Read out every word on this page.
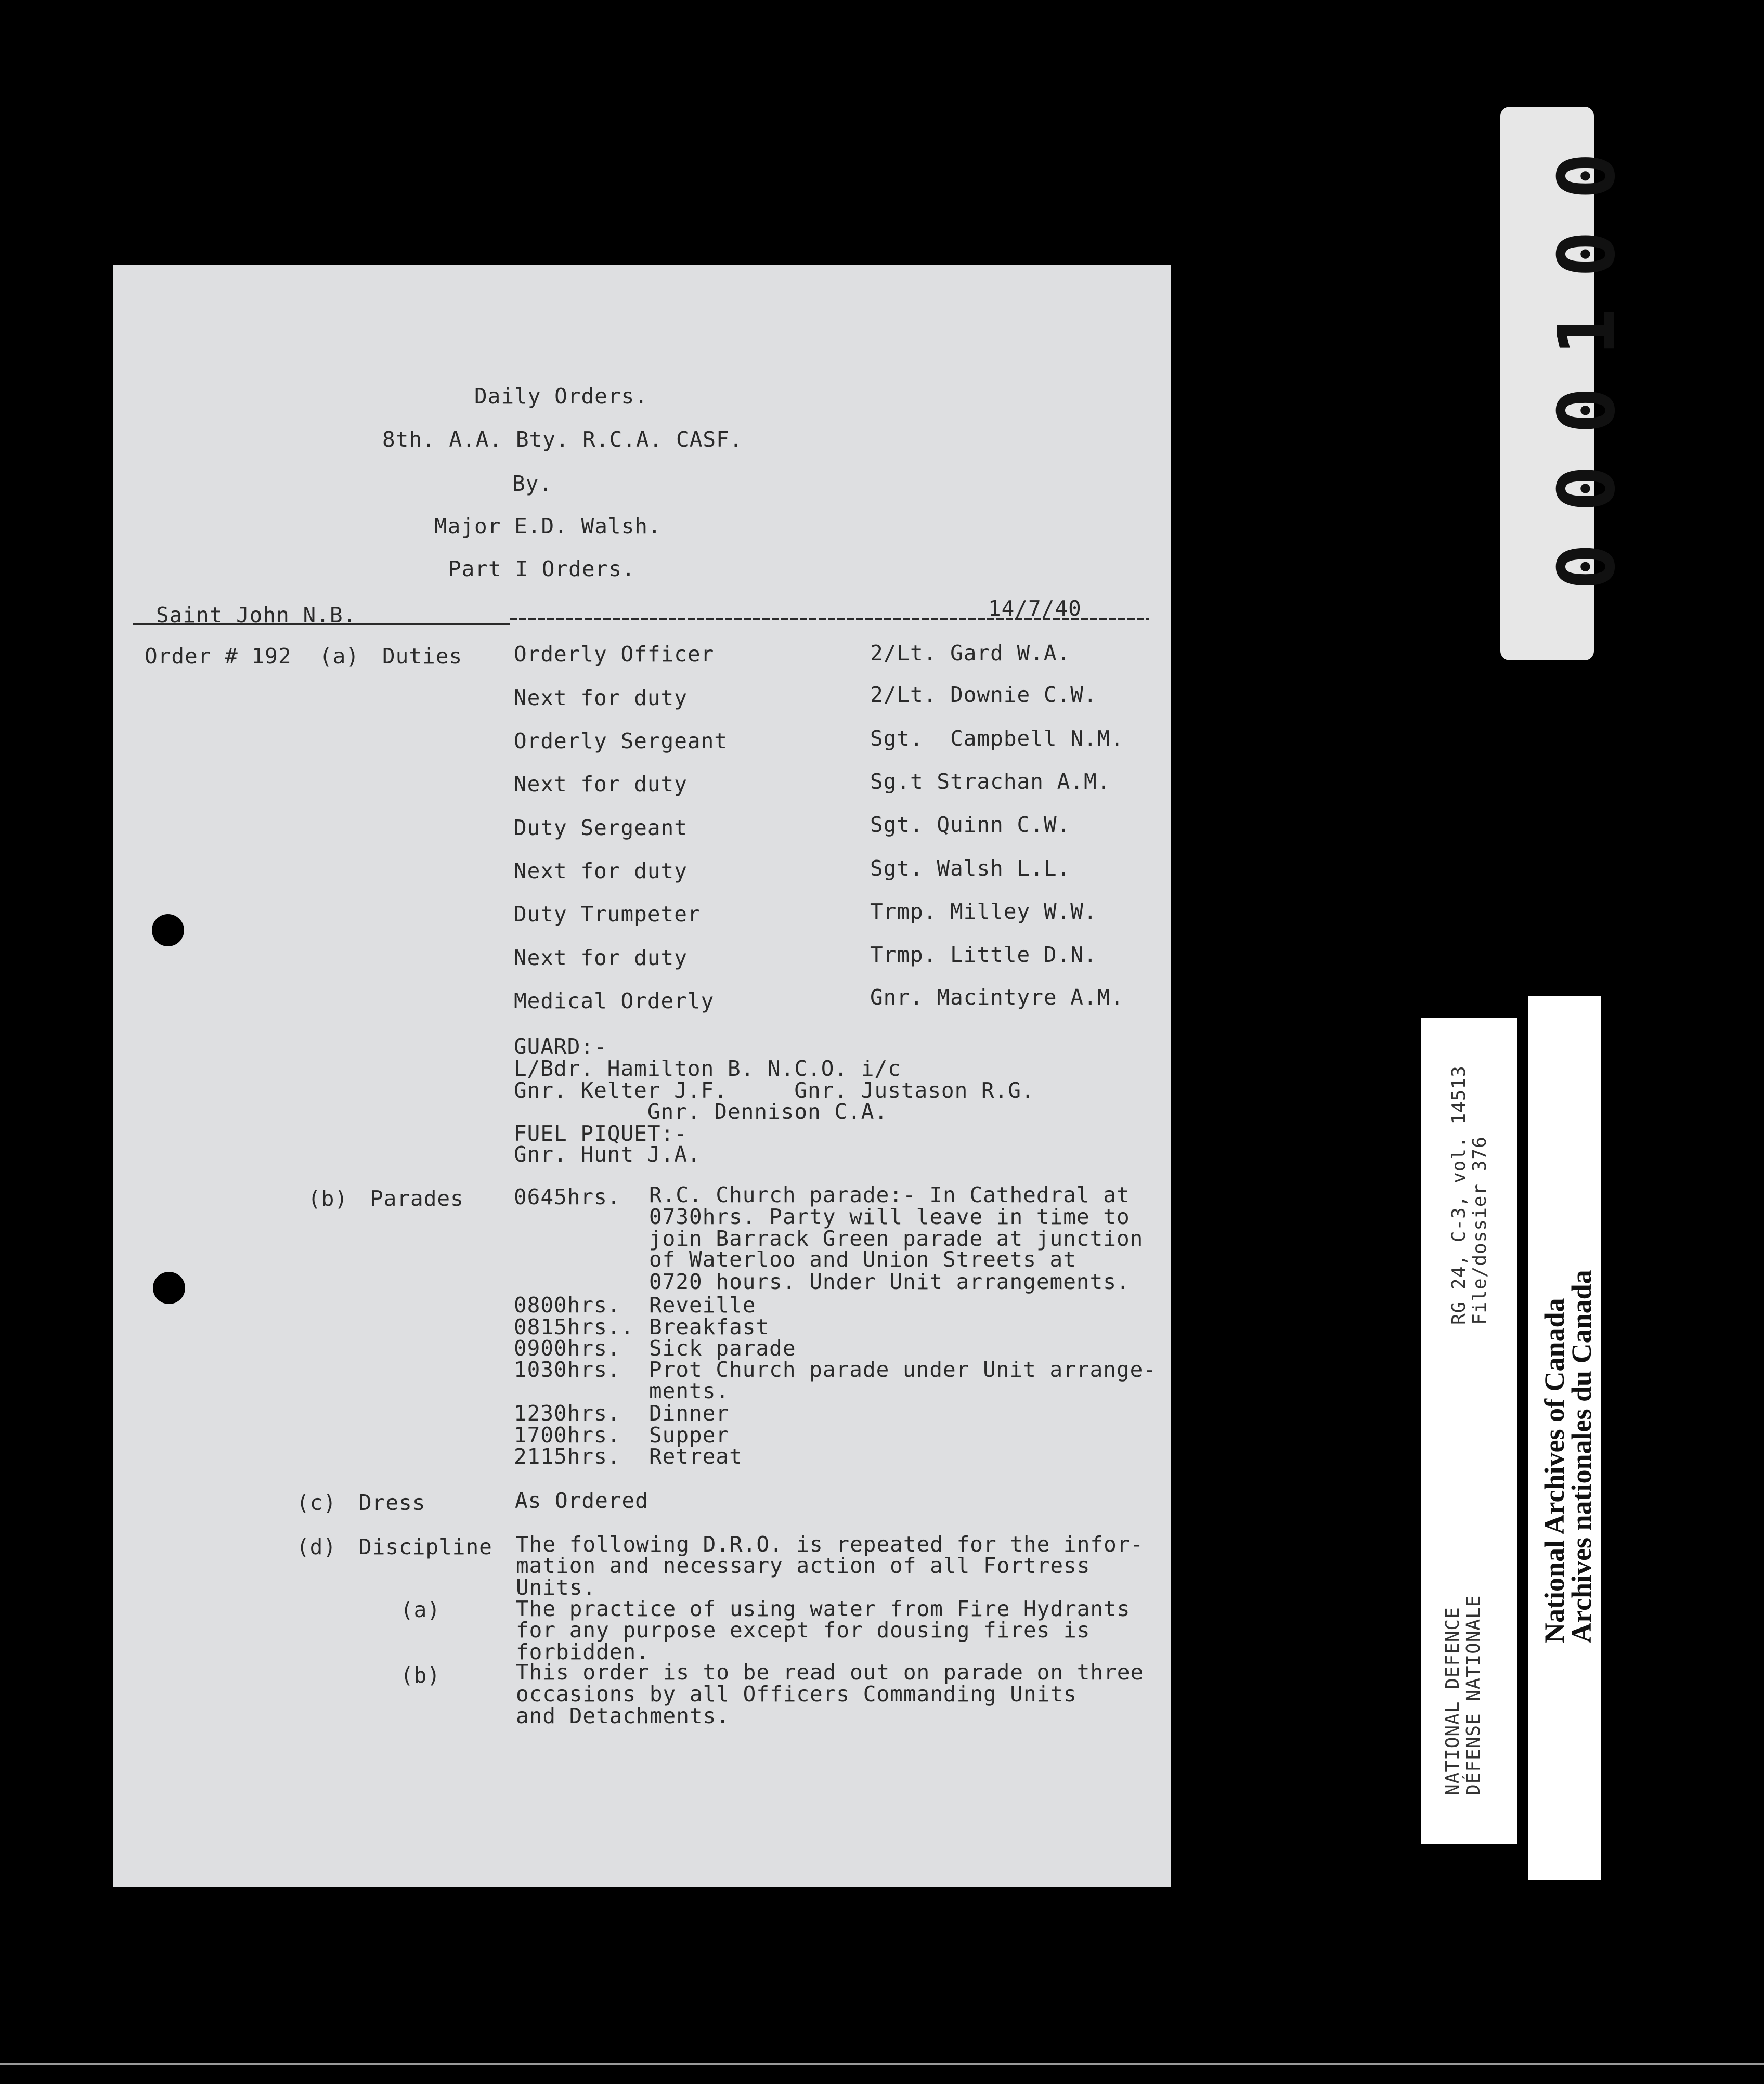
Daily Orders.
8th. A.A. Bty. R.C.A. CASF.
By.
Major E.D. Walsh.
Part I Orders.
Saint John N.B.	14/7/40
Order # 192 (a) Duties Orderly Officer	2/Lt. Gard W.A.
Next for duty	2/Lt. Downie C.W.
Orderly Sergeant	Sgt.  Campbell N.M.
Next for duty	Sg.t Strachan A.M.
Duty Sergeant	Sgt. Quinn C.W.
Next for duty	Sgt. Walsh L.L.
Duty Trumpeter	Trmp. Milley W.W.
Next for duty	Trmp. Little D.N.
Medical Orderly	Gnr. Macintyre A.M.
GUARD:-
L/Bdr. Hamilton B. N.C.O. i/c
Gnr. Kelter J.F.     Gnr. Justason R.G.
Gnr. Dennison C.A.
FUEL PIQUET:-
Gnr. Hunt J.A.
(b) Parades 0645hrs. R.C. Church parade:- In Cathedral at
0730hrs. Party will leave in time to
join Barrack Green parade at junction
of Waterloo and Union Streets at
0720 hours. Under Unit arrangements.
0800hrs. Reveille
0815hrs.. Breakfast
0900hrs. Sick parade
1030hrs. Prot Church parade under Unit arrange-
ments.
1230hrs. Dinner
1700hrs. Supper
2115hrs. Retreat
(c) Dress	As Ordered
(d) Discipline The following D.R.O. is repeated for the infor-
mation and necessary action of all Fortress
Units.
(a)	The practice of using water from Fire Hydrants
for any purpose except for dousing fires is
forbidden.
(b)	This order is to be read out on parade on three
occasions by all Officers Commanding Units
and Detachments.
000100
NATIONAL DEFENCE DÉFENSE NATIONALE
RG 24, C-3, vol. 14513 File/dossier 376
National Archives of Canada
Archives nationales du Canada
